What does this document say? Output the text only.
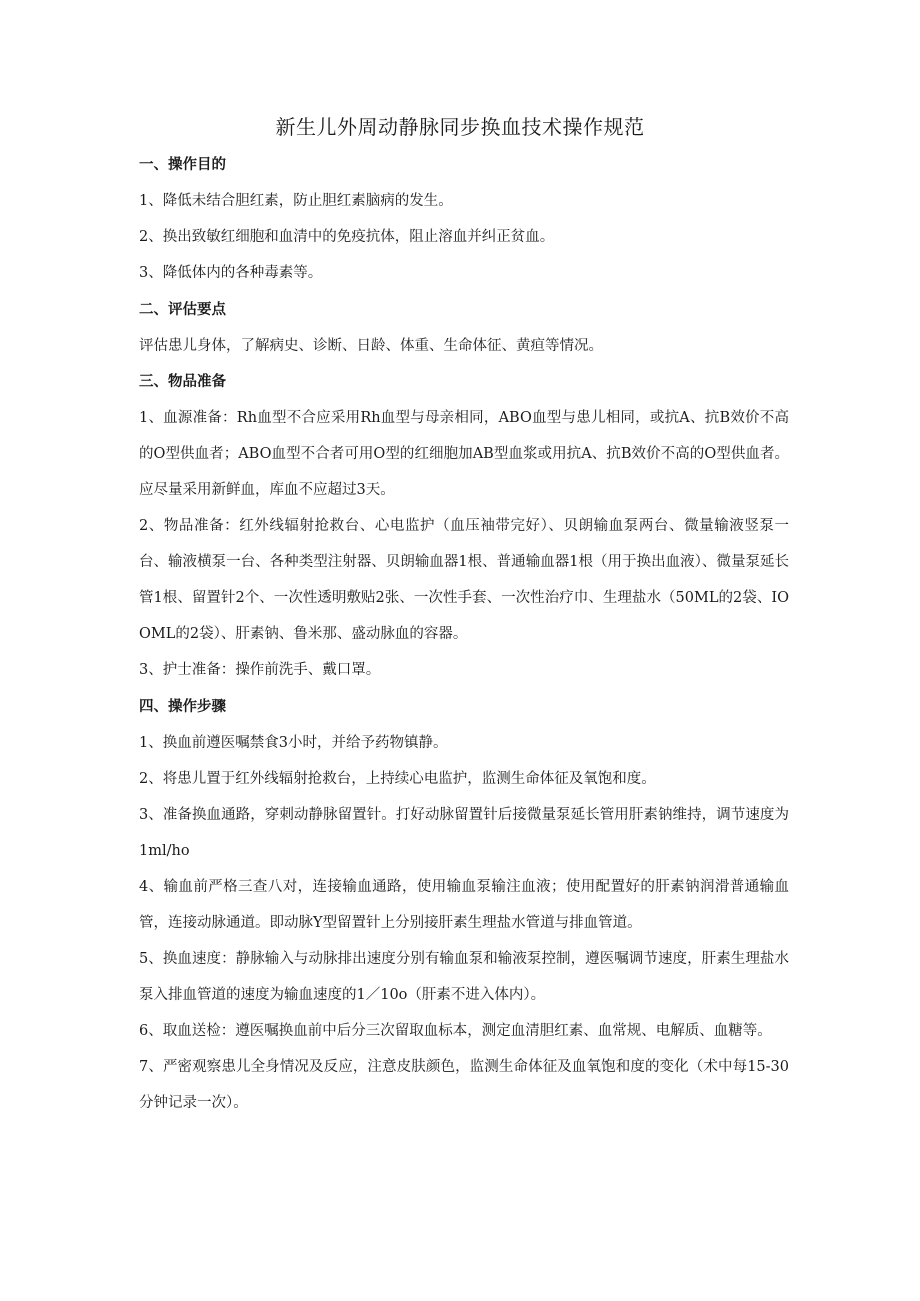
新生儿外周动静脉同步换血技术操作规范

一、操作目的

1、降低未结合胆红素，防止胆红素脑病的发生。

2、换出致敏红细胞和血清中的免疫抗体，阻止溶血并纠正贫血。

3、降低体内的各种毒素等。

二、评估要点

评估患儿身体，了解病史、诊断、日龄、体重、生命体征、黄疸等情况。

三、物品准备

1、血源准备：Rh血型不合应采用Rh血型与母亲相同，ABO血型与患儿相同，或抗A、抗B效价不高的O型供血者；ABO血型不合者可用O型的红细胞加AB型血浆或用抗A、抗B效价不高的O型供血者。应尽量采用新鲜血，库血不应超过3天。

2、物品准备：红外线辐射抢救台、心电监护（血压袖带完好）、贝朗输血泵两台、微量输液竖泵一台、输液横泵一台、各种类型注射器、贝朗输血器1根、普通输血器1根（用于换出血液）、微量泵延长管1根、留置针2个、一次性透明敷贴2张、一次性手套、一次性治疗巾、生理盐水（50ML的2袋、IOOML的2袋）、肝素钠、鲁米那、盛动脉血的容器。

3、护士准备：操作前洗手、戴口罩。

四、操作步骤

1、换血前遵医嘱禁食3小时，并给予药物镇静。

2、将患儿置于红外线辐射抢救台，上持续心电监护，监测生命体征及氧饱和度。

3、准备换血通路，穿刺动静脉留置针。打好动脉留置针后接微量泵延长管用肝素钠维持，调节速度为1ml/ho

4、输血前严格三查八对，连接输血通路，使用输血泵输注血液；使用配置好的肝素钠润滑普通输血管，连接动脉通道。即动脉Y型留置针上分别接肝素生理盐水管道与排血管道。

5、换血速度：静脉输入与动脉排出速度分别有输血泵和输液泵控制，遵医嘱调节速度，肝素生理盐水泵入排血管道的速度为输血速度的1／10o（肝素不进入体内）。

6、取血送检：遵医嘱换血前中后分三次留取血标本，测定血清胆红素、血常规、电解质、血糖等。

7、严密观察患儿全身情况及反应，注意皮肤颜色，监测生命体征及血氧饱和度的变化（术中每15-30分钟记录一次）。
